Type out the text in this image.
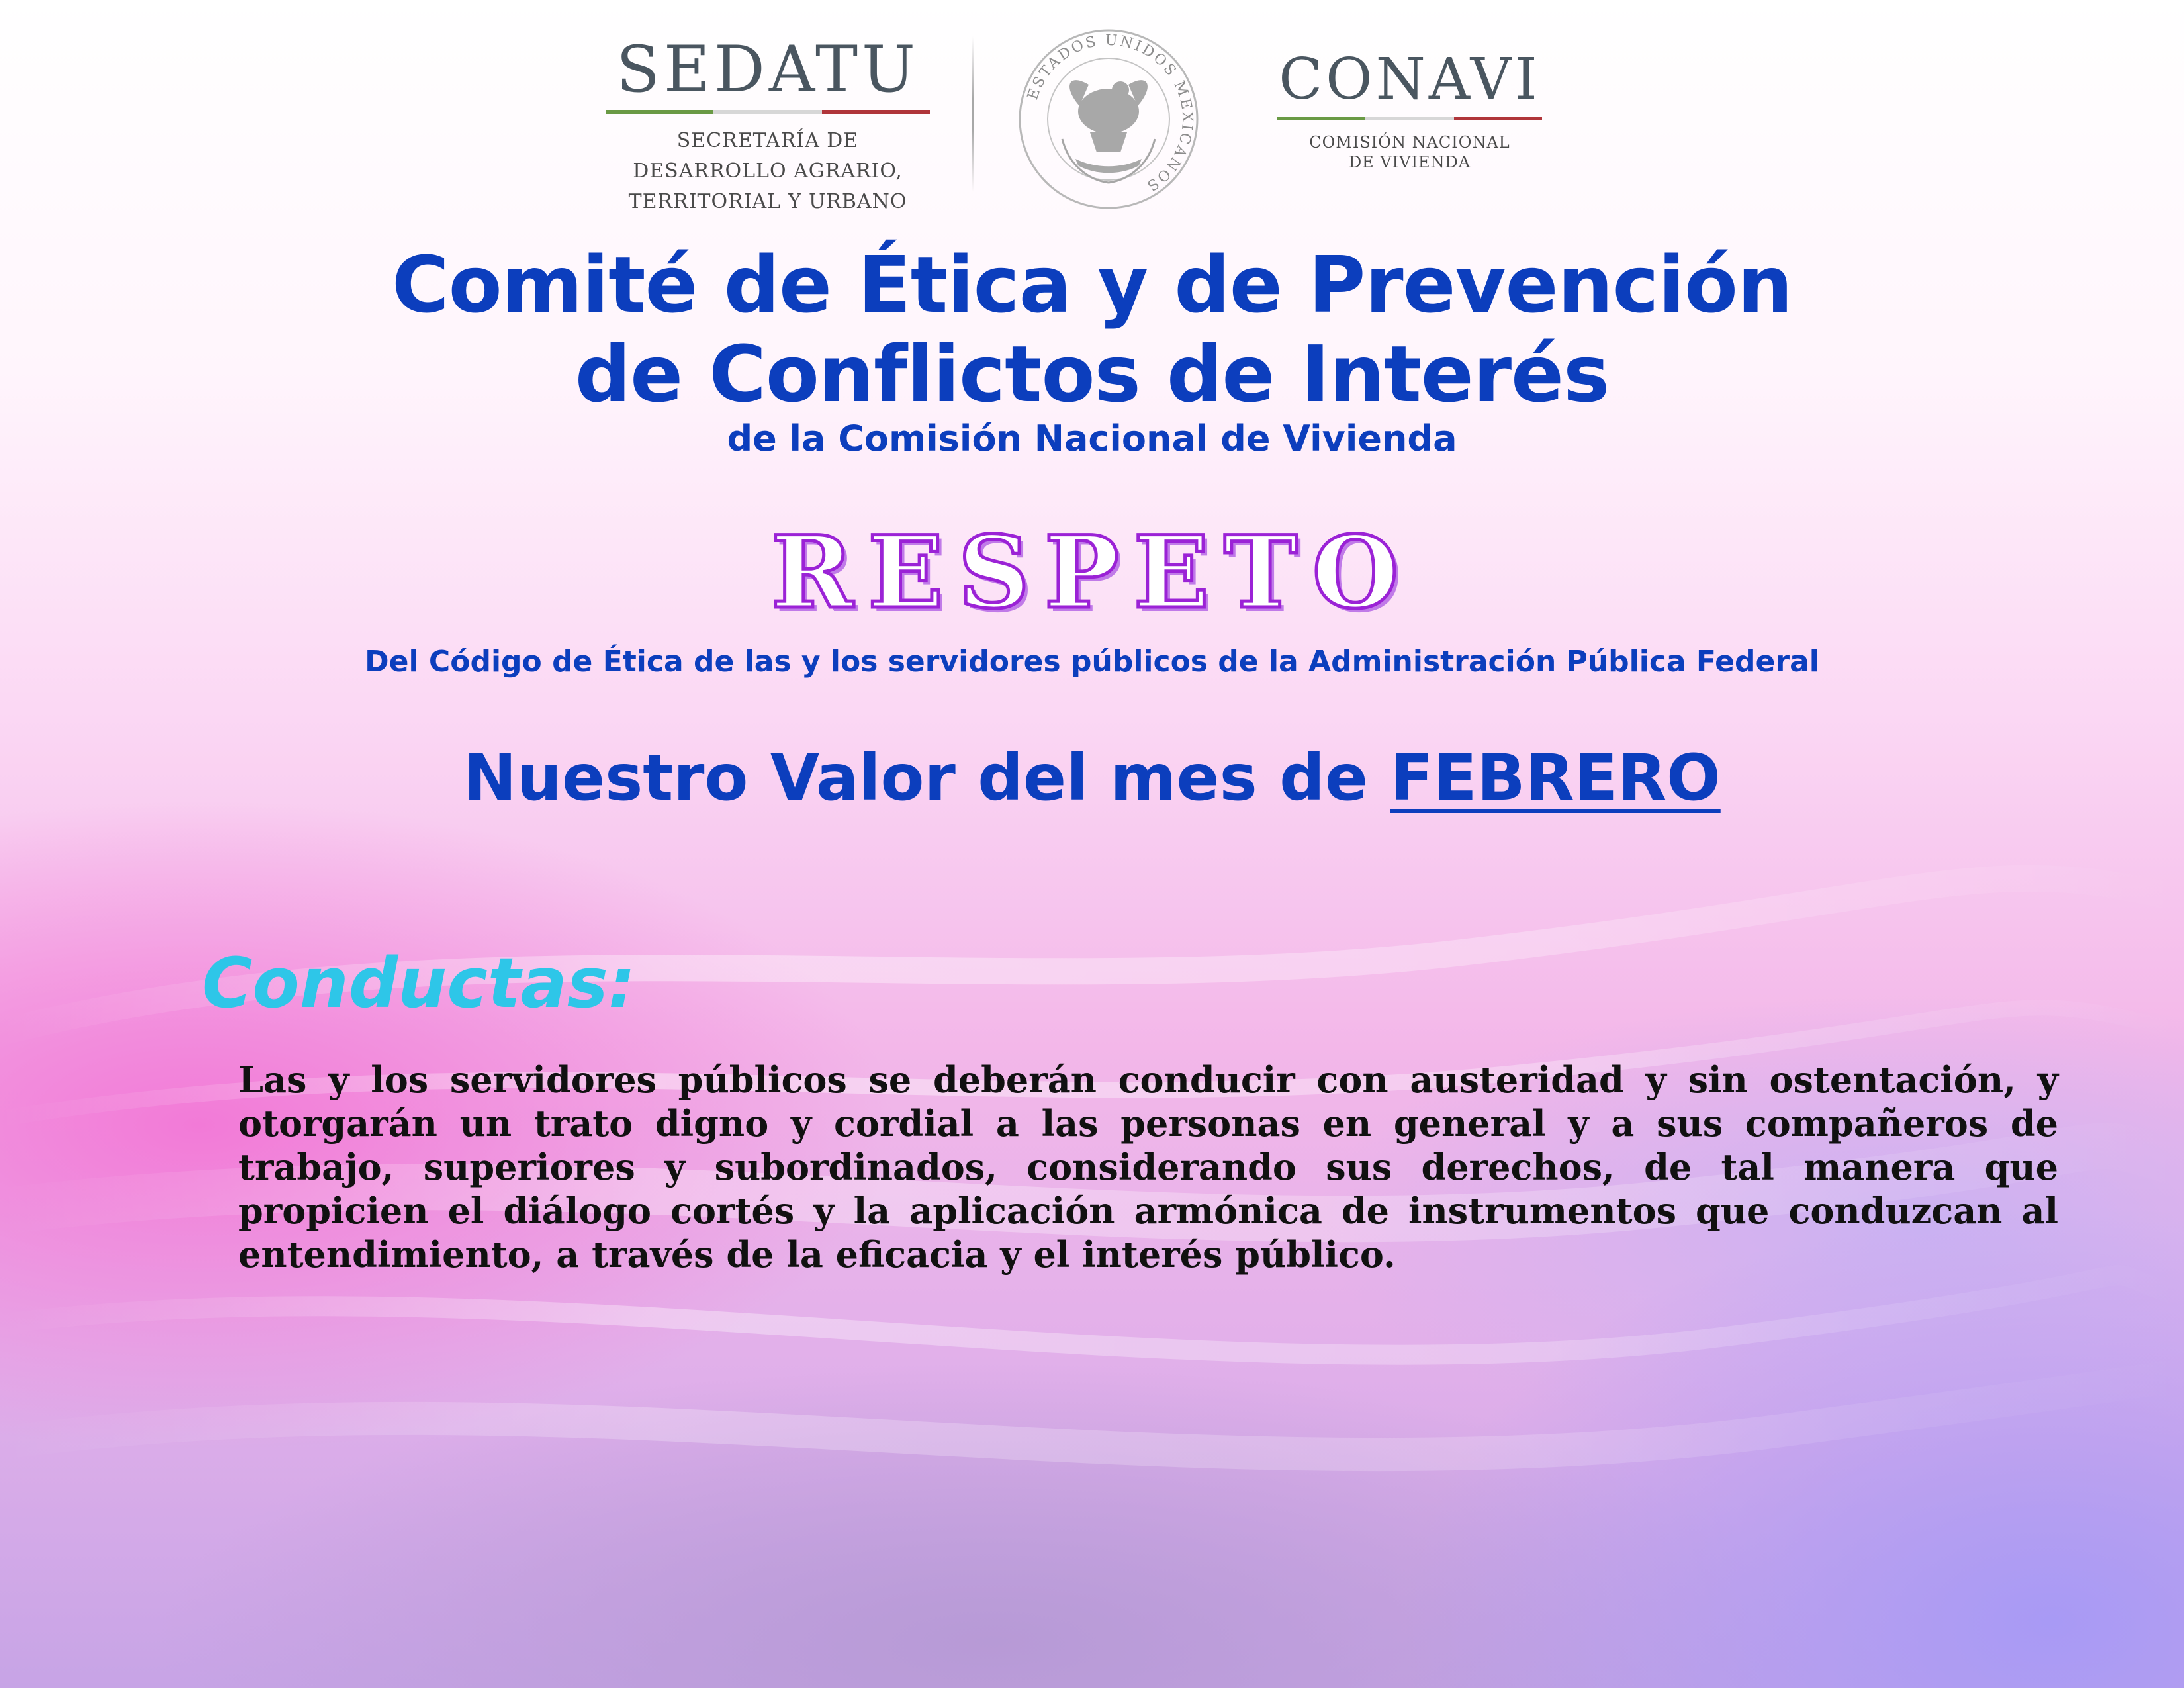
SEDATU
SECRETARÍA DE
DESARROLLO AGRARIO,
TERRITORIAL Y URBANO
ESTADOS UNIDOS MEXICANOS
CONAVI
COMISIÓN NACIONAL
DE VIVIENDA
Comité de Ética y de Prevención
de Conflictos de Interés
de la Comisión Nacional de Vivienda
RESPETO
Del Código de Ética de las y los servidores públicos de la Administración Pública Federal
Nuestro Valor del mes de FEBRERO
Conductas:

Las y los servidores públicos se deberán conducir con austeridad y sin ostentación, y otorgarán un trato digno y cordial a las personas en general y a sus compañeros de trabajo, superiores y subordinados, considerando sus derechos, de tal manera que propicien el diálogo cortés y la aplicación armónica de instrumentos que conduzcan al entendimiento, a través de la eficacia y el interés público.
